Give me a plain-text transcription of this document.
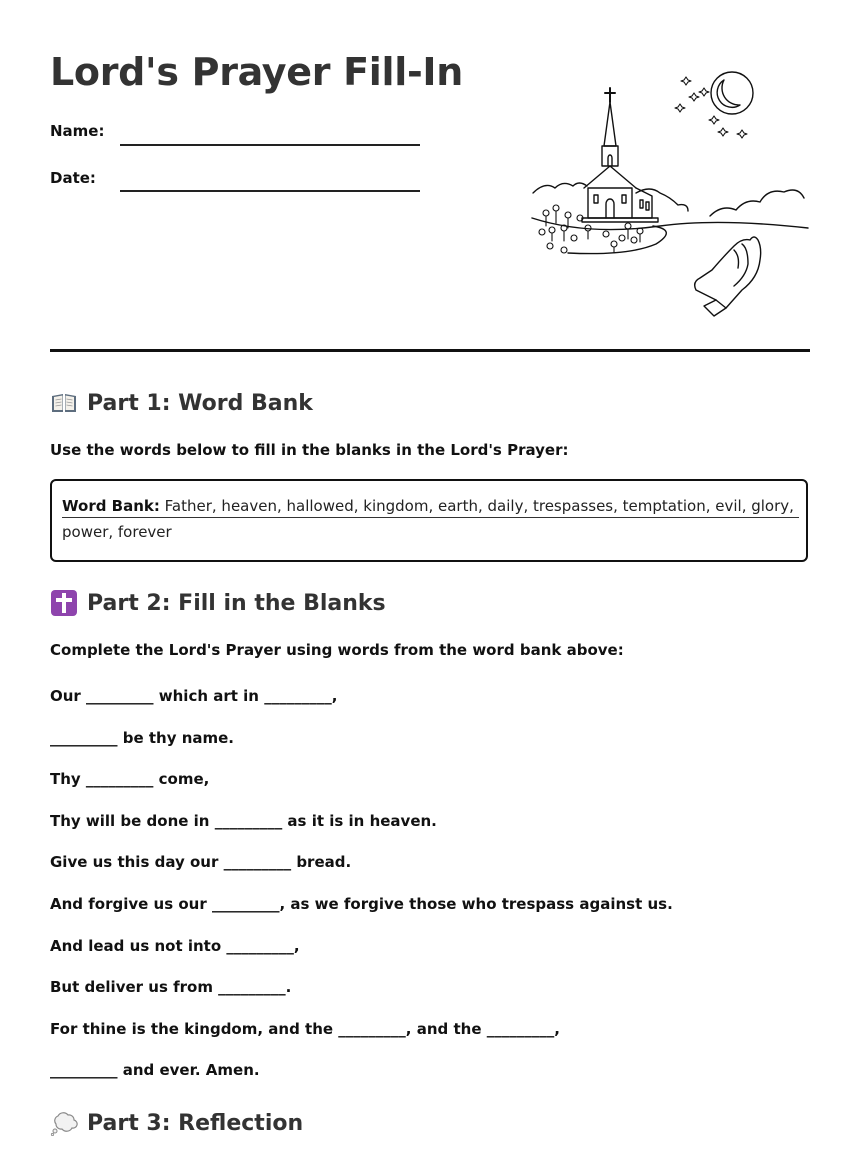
Lord's Prayer Fill-In
Name:
Date:
Part 1: Word Bank
Use the words below to fill in the blanks in the Lord's Prayer:
Word Bank: Father, heaven, hallowed, kingdom, earth, daily, trespasses, temptation, evil, glory, power, forever
Part 2: Fill in the Blanks
Complete the Lord's Prayer using words from the word bank above:
Our _________ which art in _________,
_________ be thy name.
Thy _________ come,
Thy will be done in _________ as it is in heaven.
Give us this day our _________ bread.
And forgive us our _________, as we forgive those who trespass against us.
And lead us not into _________,
But deliver us from _________.
For thine is the kingdom, and the _________, and the _________,
_________ and ever. Amen.
Part 3: Reflection
